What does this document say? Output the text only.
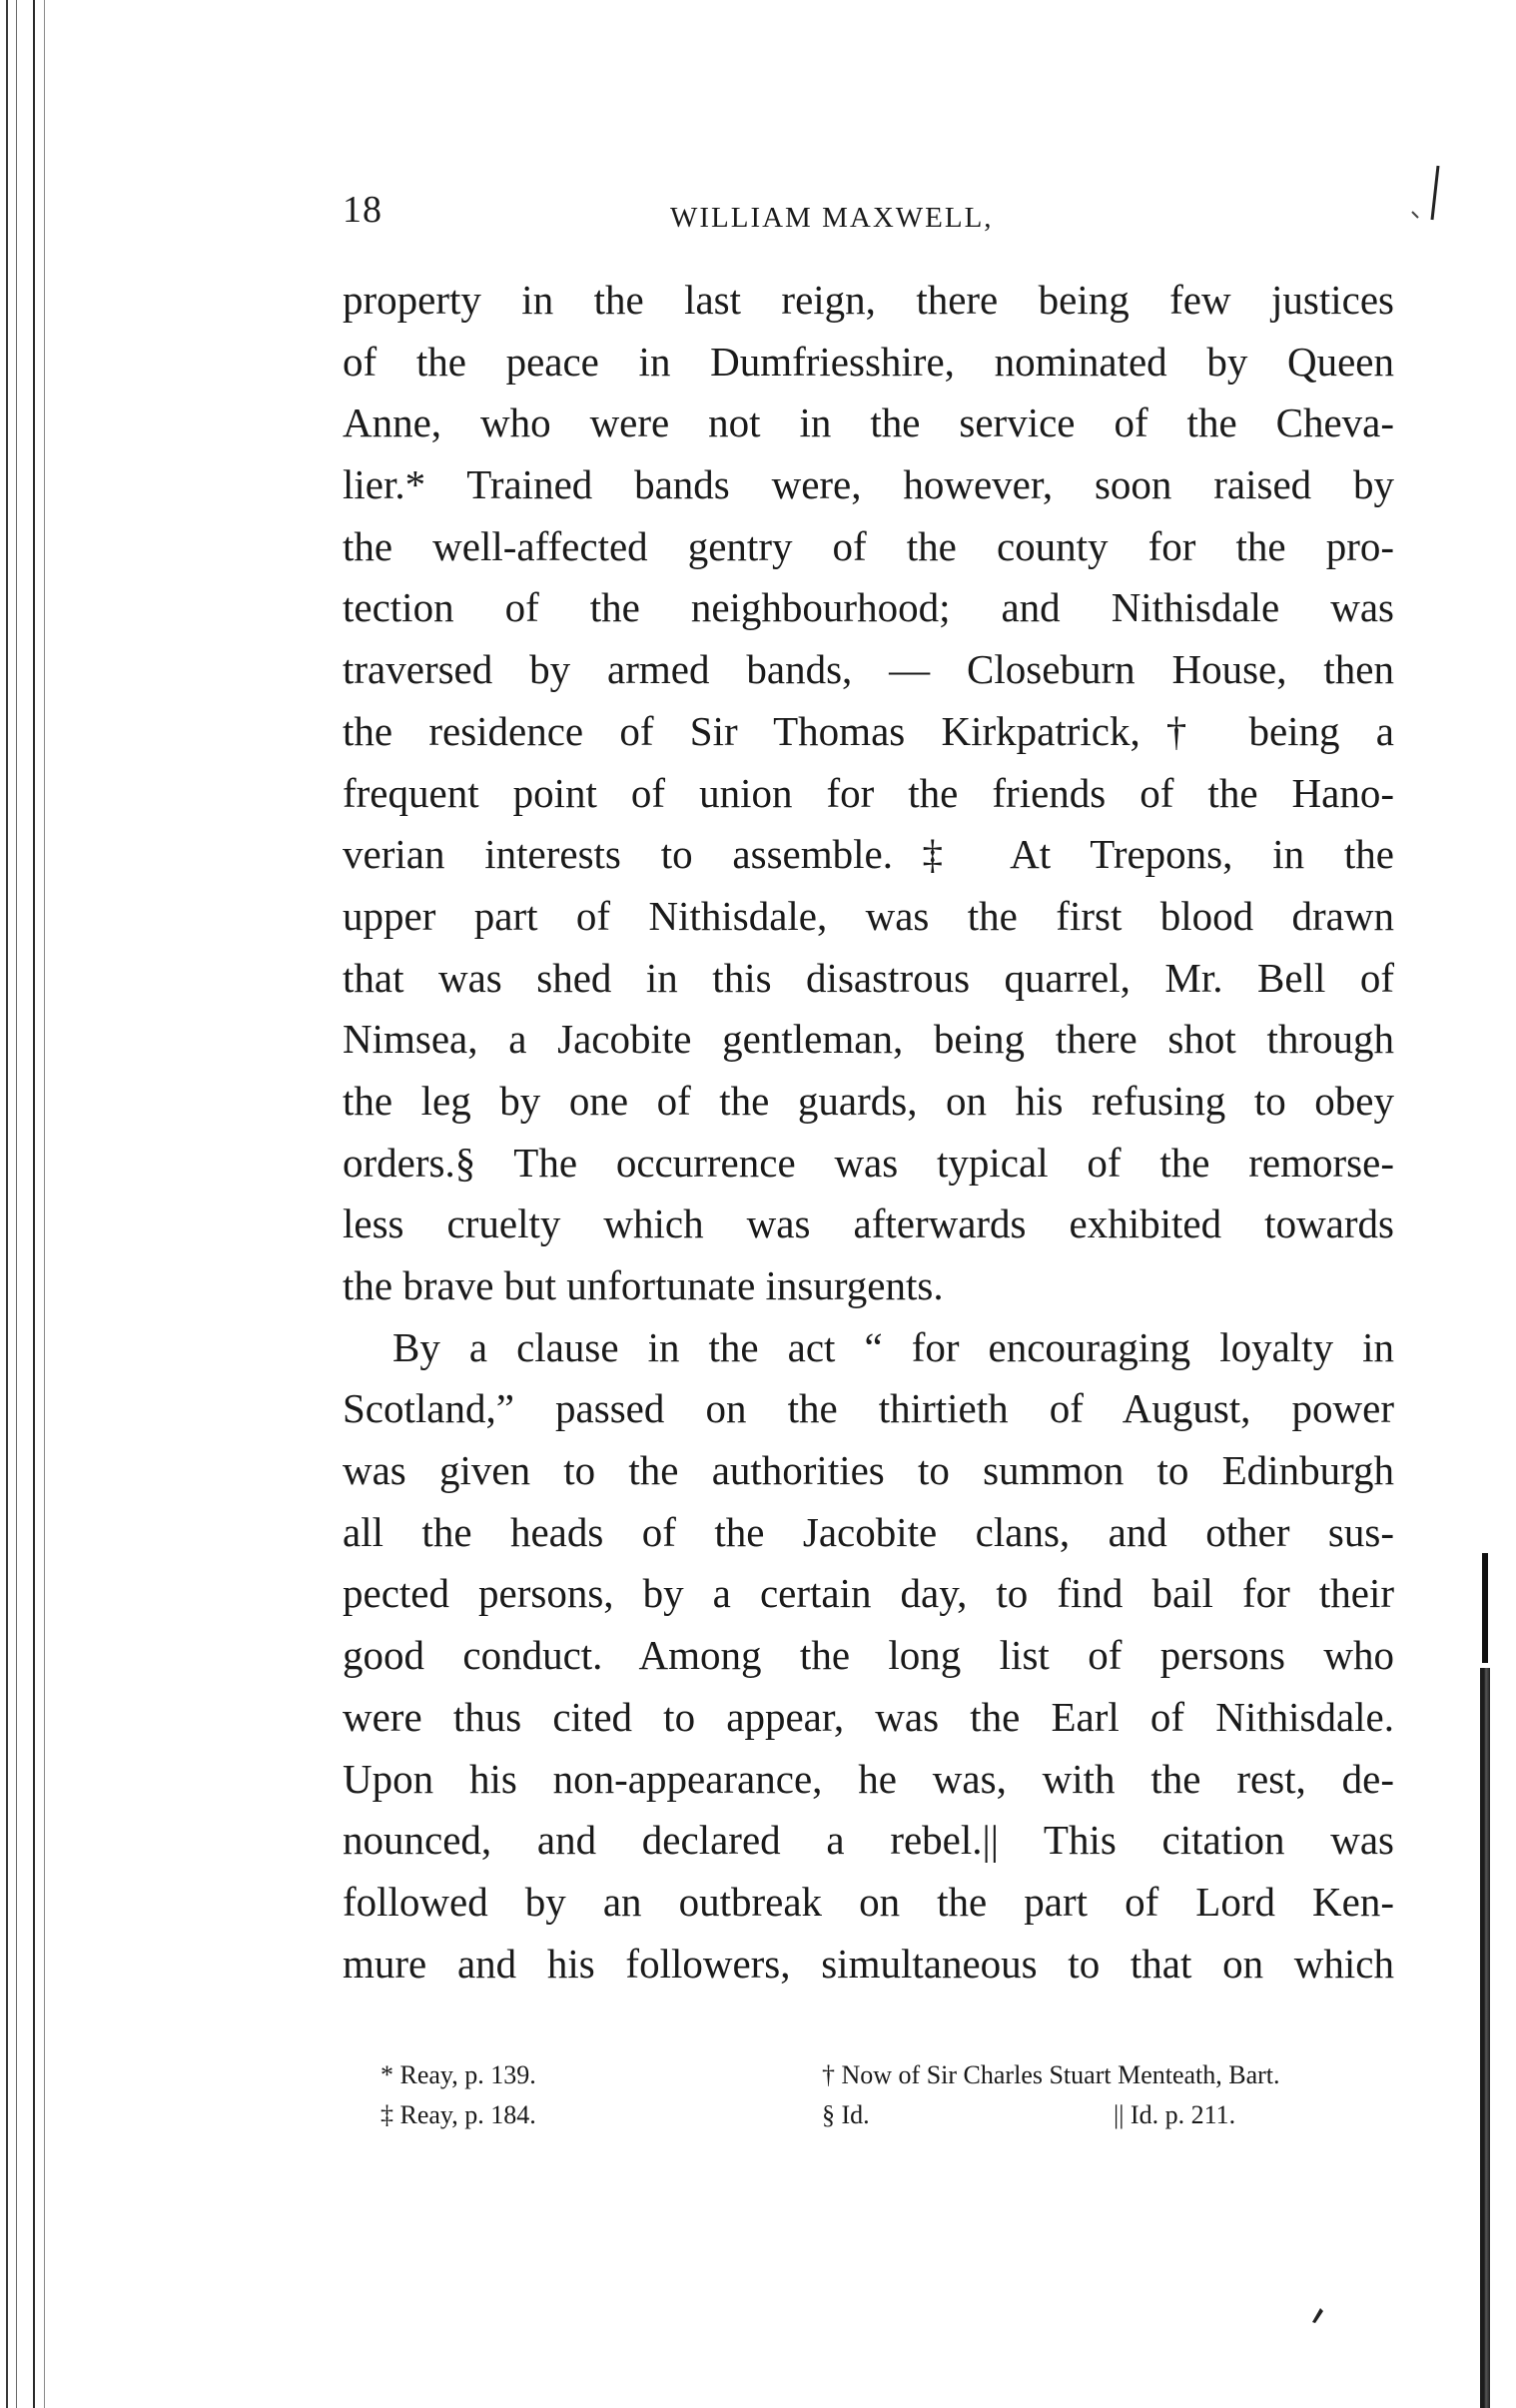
18	WILLIAM MAXWELL,
property in the last reign, there being few justices
of the peace in Dumfriesshire, nominated by Queen
Anne, who were not in the service of the Cheva-
lier.* Trained bands were, however, soon raised by
the well-affected gentry of the county for the pro-
tection of the neighbourhood; and Nithisdale was
traversed by armed bands, — Closeburn House, then
the residence of Sir Thomas Kirkpatrick,† being a
frequent point of union for the friends of the Hano-
verian interests to assemble.‡ At Trepons, in the
upper part of Nithisdale, was the first blood drawn
that was shed in this disastrous quarrel, Mr. Bell of
Nimsea, a Jacobite gentleman, being there shot through
the leg by one of the guards, on his refusing to obey
orders.§ The occurrence was typical of the remorse-
less cruelty which was afterwards exhibited towards
the brave but unfortunate insurgents.
By a clause in the act “ for encouraging loyalty in
Scotland,” passed on the thirtieth of August, power
was given to the authorities to summon to Edinburgh
all the heads of the Jacobite clans, and other sus-
pected persons, by a certain day, to find bail for their
good conduct. Among the long list of persons who
were thus cited to appear, was the Earl of Nithisdale.
Upon his non-appearance, he was, with the rest, de-
nounced, and declared a rebel.|| This citation was
followed by an outbreak on the part of Lord Ken-
mure and his followers, simultaneous to that on which
* Reay, p. 139.	† Now of Sir Charles Stuart Menteath, Bart.
‡ Reay, p. 184.	§ Id.	|| Id. p. 211.
